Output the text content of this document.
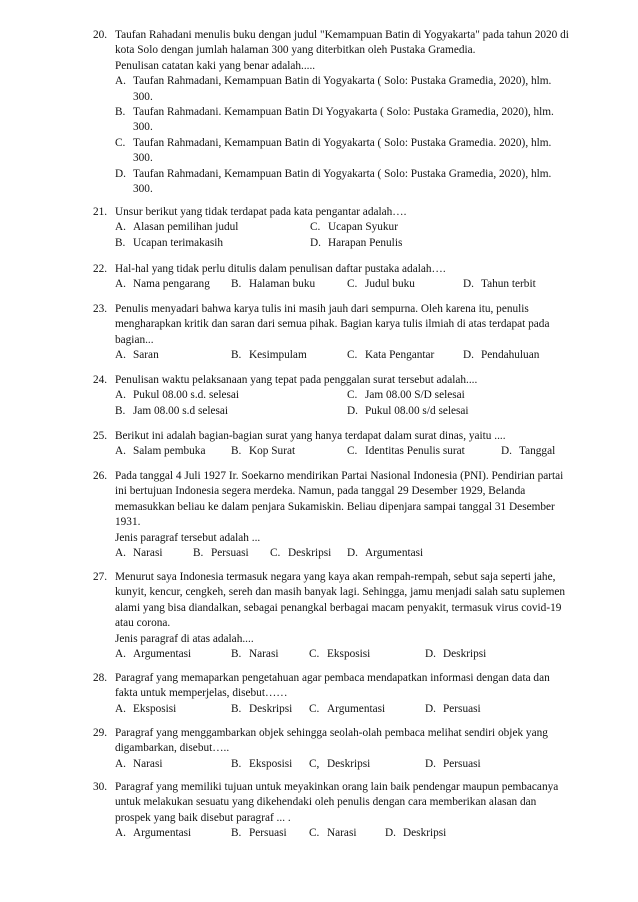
20. Taufan Rahadani menulis buku dengan judul "Kemampuan Batin di Yogyakarta" pada tahun 2020 di
kota Solo dengan jumlah halaman 300 yang diterbitkan oleh Pustaka Gramedia.
Penulisan catatan kaki yang benar adalah.....
A. Taufan Rahmadani, Kemampuan Batin di Yogyakarta ( Solo: Pustaka Gramedia, 2020), hlm.
300.
B. Taufan Rahmadani. Kemampuan Batin Di Yogyakarta ( Solo: Pustaka Gramedia, 2020), hlm.
300.
C. Taufan Rahmadani, Kemampuan Batin di Yogyakarta ( Solo: Pustaka Gramedia. 2020), hlm.
300.
D. Taufan Rahmadani, Kemampuan Batin di Yogyakarta ( Solo: Pustaka Gramedia, 2020), hlm.
300.
21. Unsur berikut yang tidak terdapat pada kata pengantar adalah….
A. Alasan pemilihan judul	C. Ucapan Syukur
B. Ucapan terimakasih	D. Harapan Penulis
22. Hal-hal yang tidak perlu ditulis dalam penulisan daftar pustaka adalah….
A. Nama pengarang B. Halaman buku	C. Judul buku	D. Tahun terbit
23. Penulis menyadari bahwa karya tulis ini masih jauh dari sempurna. Oleh karena itu, penulis
mengharapkan kritik dan saran dari semua pihak. Bagian karya tulis ilmiah di atas terdapat pada
bagian...
A. Saran	B. Kesimpulam	C. Kata Pengantar	D. Pendahuluan
24. Penulisan waktu pelaksanaan yang tepat pada penggalan surat tersebut adalah....
A. Pukul 08.00 s.d. selesai	C. Jam 08.00 S/D selesai
B. Jam 08.00 s.d selesai	D. Pukul 08.00 s/d selesai
25. Berikut ini adalah bagian-bagian surat yang hanya terdapat dalam surat dinas, yaitu ....
A. Salam pembuka B. Kop Surat	C. Identitas Penulis surat	D. Tanggal
26. Pada tanggal 4 Juli 1927 Ir. Soekarno mendirikan Partai Nasional Indonesia (PNI). Pendirian partai
ini bertujuan Indonesia segera merdeka. Namun, pada tanggal 29 Desember 1929, Belanda
memasukkan beliau ke dalam penjara Sukamiskin. Beliau dipenjara sampai tanggal 31 Desember
1931.
Jenis paragraf tersebut adalah ...
A. Narasi	B. Persuasi C. Deskripsi D. Argumentasi
27. Menurut saya Indonesia termasuk negara yang kaya akan rempah-rempah, sebut saja seperti jahe,
kunyit, kencur, cengkeh, sereh dan masih banyak lagi. Sehingga, jamu menjadi salah satu suplemen
alami yang bisa diandalkan, sebagai penangkal berbagai macam penyakit, termasuk virus covid-19
atau corona.
Jenis paragraf di atas adalah....
A. Argumentasi	B. Narasi	C. Eksposisi	D. Deskripsi
28. Paragraf yang memaparkan pengetahuan agar pembaca mendapatkan informasi dengan data dan
fakta untuk memperjelas, disebut……
A. Eksposisi	B. Deskripsi C. Argumentasi	D. Persuasi
29. Paragraf yang menggambarkan objek sehingga seolah-olah pembaca melihat sendiri objek yang
digambarkan, disebut…..
A. Narasi	B. Eksposisi C, Deskripsi	D. Persuasi
30. Paragraf yang memiliki tujuan untuk meyakinkan orang lain baik pendengar maupun pembacanya
untuk melakukan sesuatu yang dikehendaki oleh penulis dengan cara memberikan alasan dan
prospek yang baik disebut paragraf ... .
A. Argumentasi	B. Persuasi C. Narasi	D. Deskripsi
